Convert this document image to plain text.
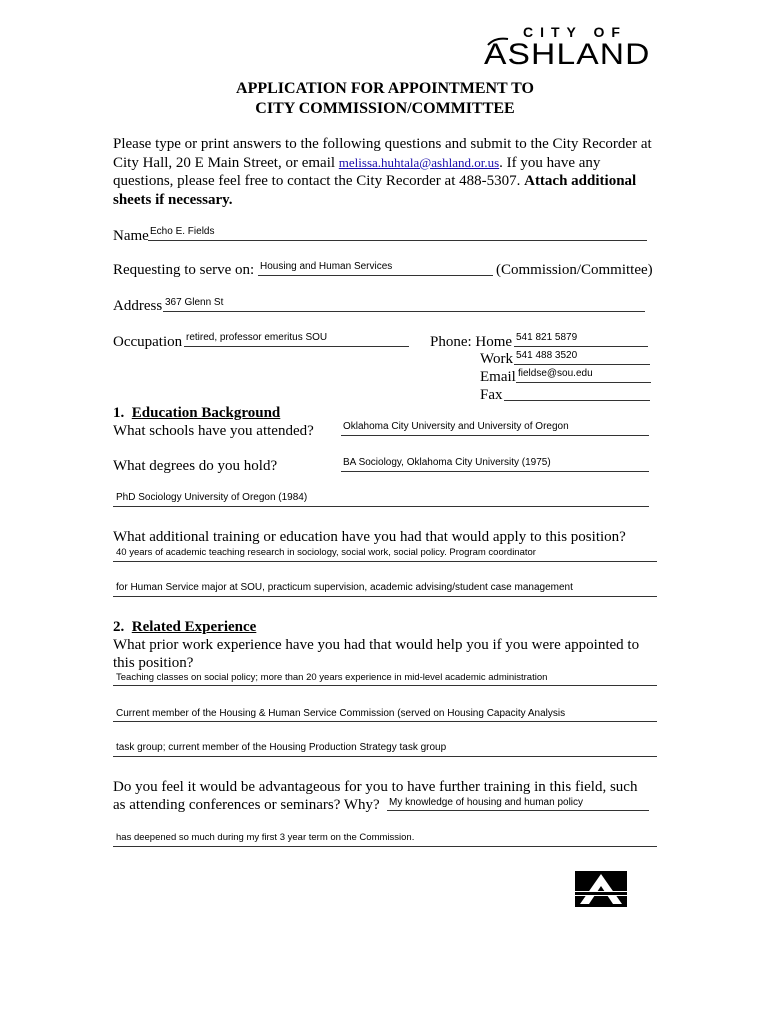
CITY OF
ASHLAND
APPLICATION FOR APPOINTMENT TO
CITY COMMISSION/COMMITTEE
Please type or print answers to the following questions and submit to the City Recorder at
City Hall, 20 E Main Street, or email melissa.huhtala@ashland.or.us. If you have any
questions, please feel free to contact the City Recorder at 488-5307. Attach additional
sheets if necessary.
Name Echo E. Fields
Requesting to serve on: Housing and Human Services	(Commission/Committee)
Address 367 Glenn St
Occupation retired, professor emeritus SOU	Phone: Home 541 821 5879
Work 541 488 3520
Email fieldse@sou.edu
Fax
1. Education Background
What schools have you attended?	Oklahoma City University and University of Oregon
What degrees do you hold?	BA Sociology, Oklahoma City University (1975)
PhD Sociology University of Oregon (1984)
What additional training or education have you had that would apply to this position?
40 years of academic teaching research in sociology, social work, social policy. Program coordinator
for Human Service major at SOU, practicum supervision, academic advising/student case management
2. Related Experience
What prior work experience have you had that would help you if you were appointed to
this position?
Teaching classes on social policy; more than 20 years experience in mid-level academic administration
Current member of the Housing & Human Service Commission (served on Housing Capacity Analysis
task group; current member of the Housing Production Strategy task group
Do you feel it would be advantageous for you to have further training in this field, such
as attending conferences or seminars? Why? My knowledge of housing and human policy
has deepened so much during my first 3 year term on the Commission.
